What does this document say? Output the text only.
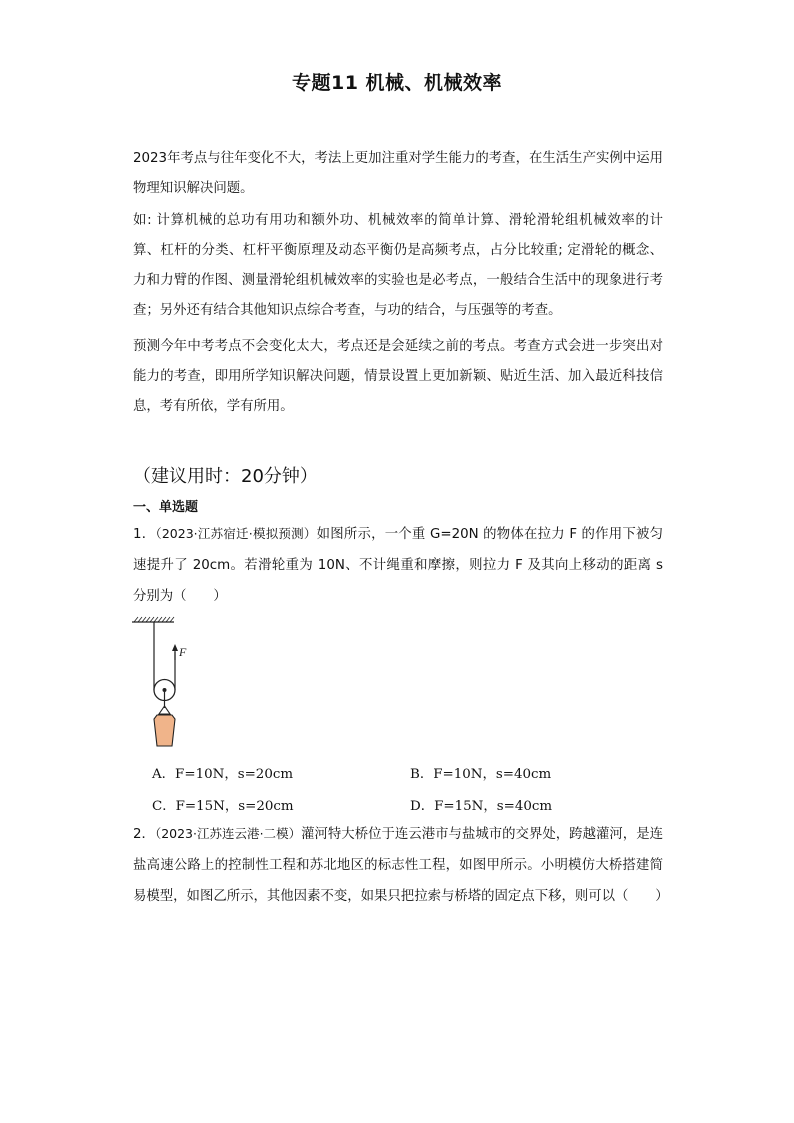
专题11 机械、机械效率
2023年考点与往年变化不大，考法上更加注重对学生能力的考查，在生活生产实例中运用物理知识解决问题。
如: 计算机械的总功有用功和额外功、机械效率的简单计算、滑轮滑轮组机械效率的计算、杠杆的分类、杠杆平衡原理及动态平衡仍是高频考点，占分比较重; 定滑轮的概念、力和力臂的作图、测量滑轮组机械效率的实验也是必考点，一般结合生活中的现象进行考查；另外还有结合其他知识点综合考查，与功的结合，与压强等的考查。
预测今年中考考点不会变化太大，考点还是会延续之前的考点。考查方式会进一步突出对能力的考查，即用所学知识解决问题，情景设置上更加新颖、贴近生活、加入最近科技信息，考有所依，学有所用。
（建议用时：20分钟）
一、单选题
1．（2023·江苏宿迁·模拟预测）如图所示，一个重 G=20N 的物体在拉力 F 的作用下被匀速提升了 20cm。若滑轮重为 10N、不计绳重和摩擦，则拉力 F 及其向上移动的距离 s 分别为（　　）
F
A．F=10N，s=20cm	B．F=10N，s=40cm
C．F=15N，s=20cm	D．F=15N，s=40cm
2．（2023·江苏连云港·二模）灌河特大桥位于连云港市与盐城市的交界处，跨越灌河，是连盐高速公路上的控制性工程和苏北地区的标志性工程，如图甲所示。小明模仿大桥搭建简易模型，如图乙所示，其他因素不变，如果只把拉索与桥塔的固定点下移，则可以（　　）
